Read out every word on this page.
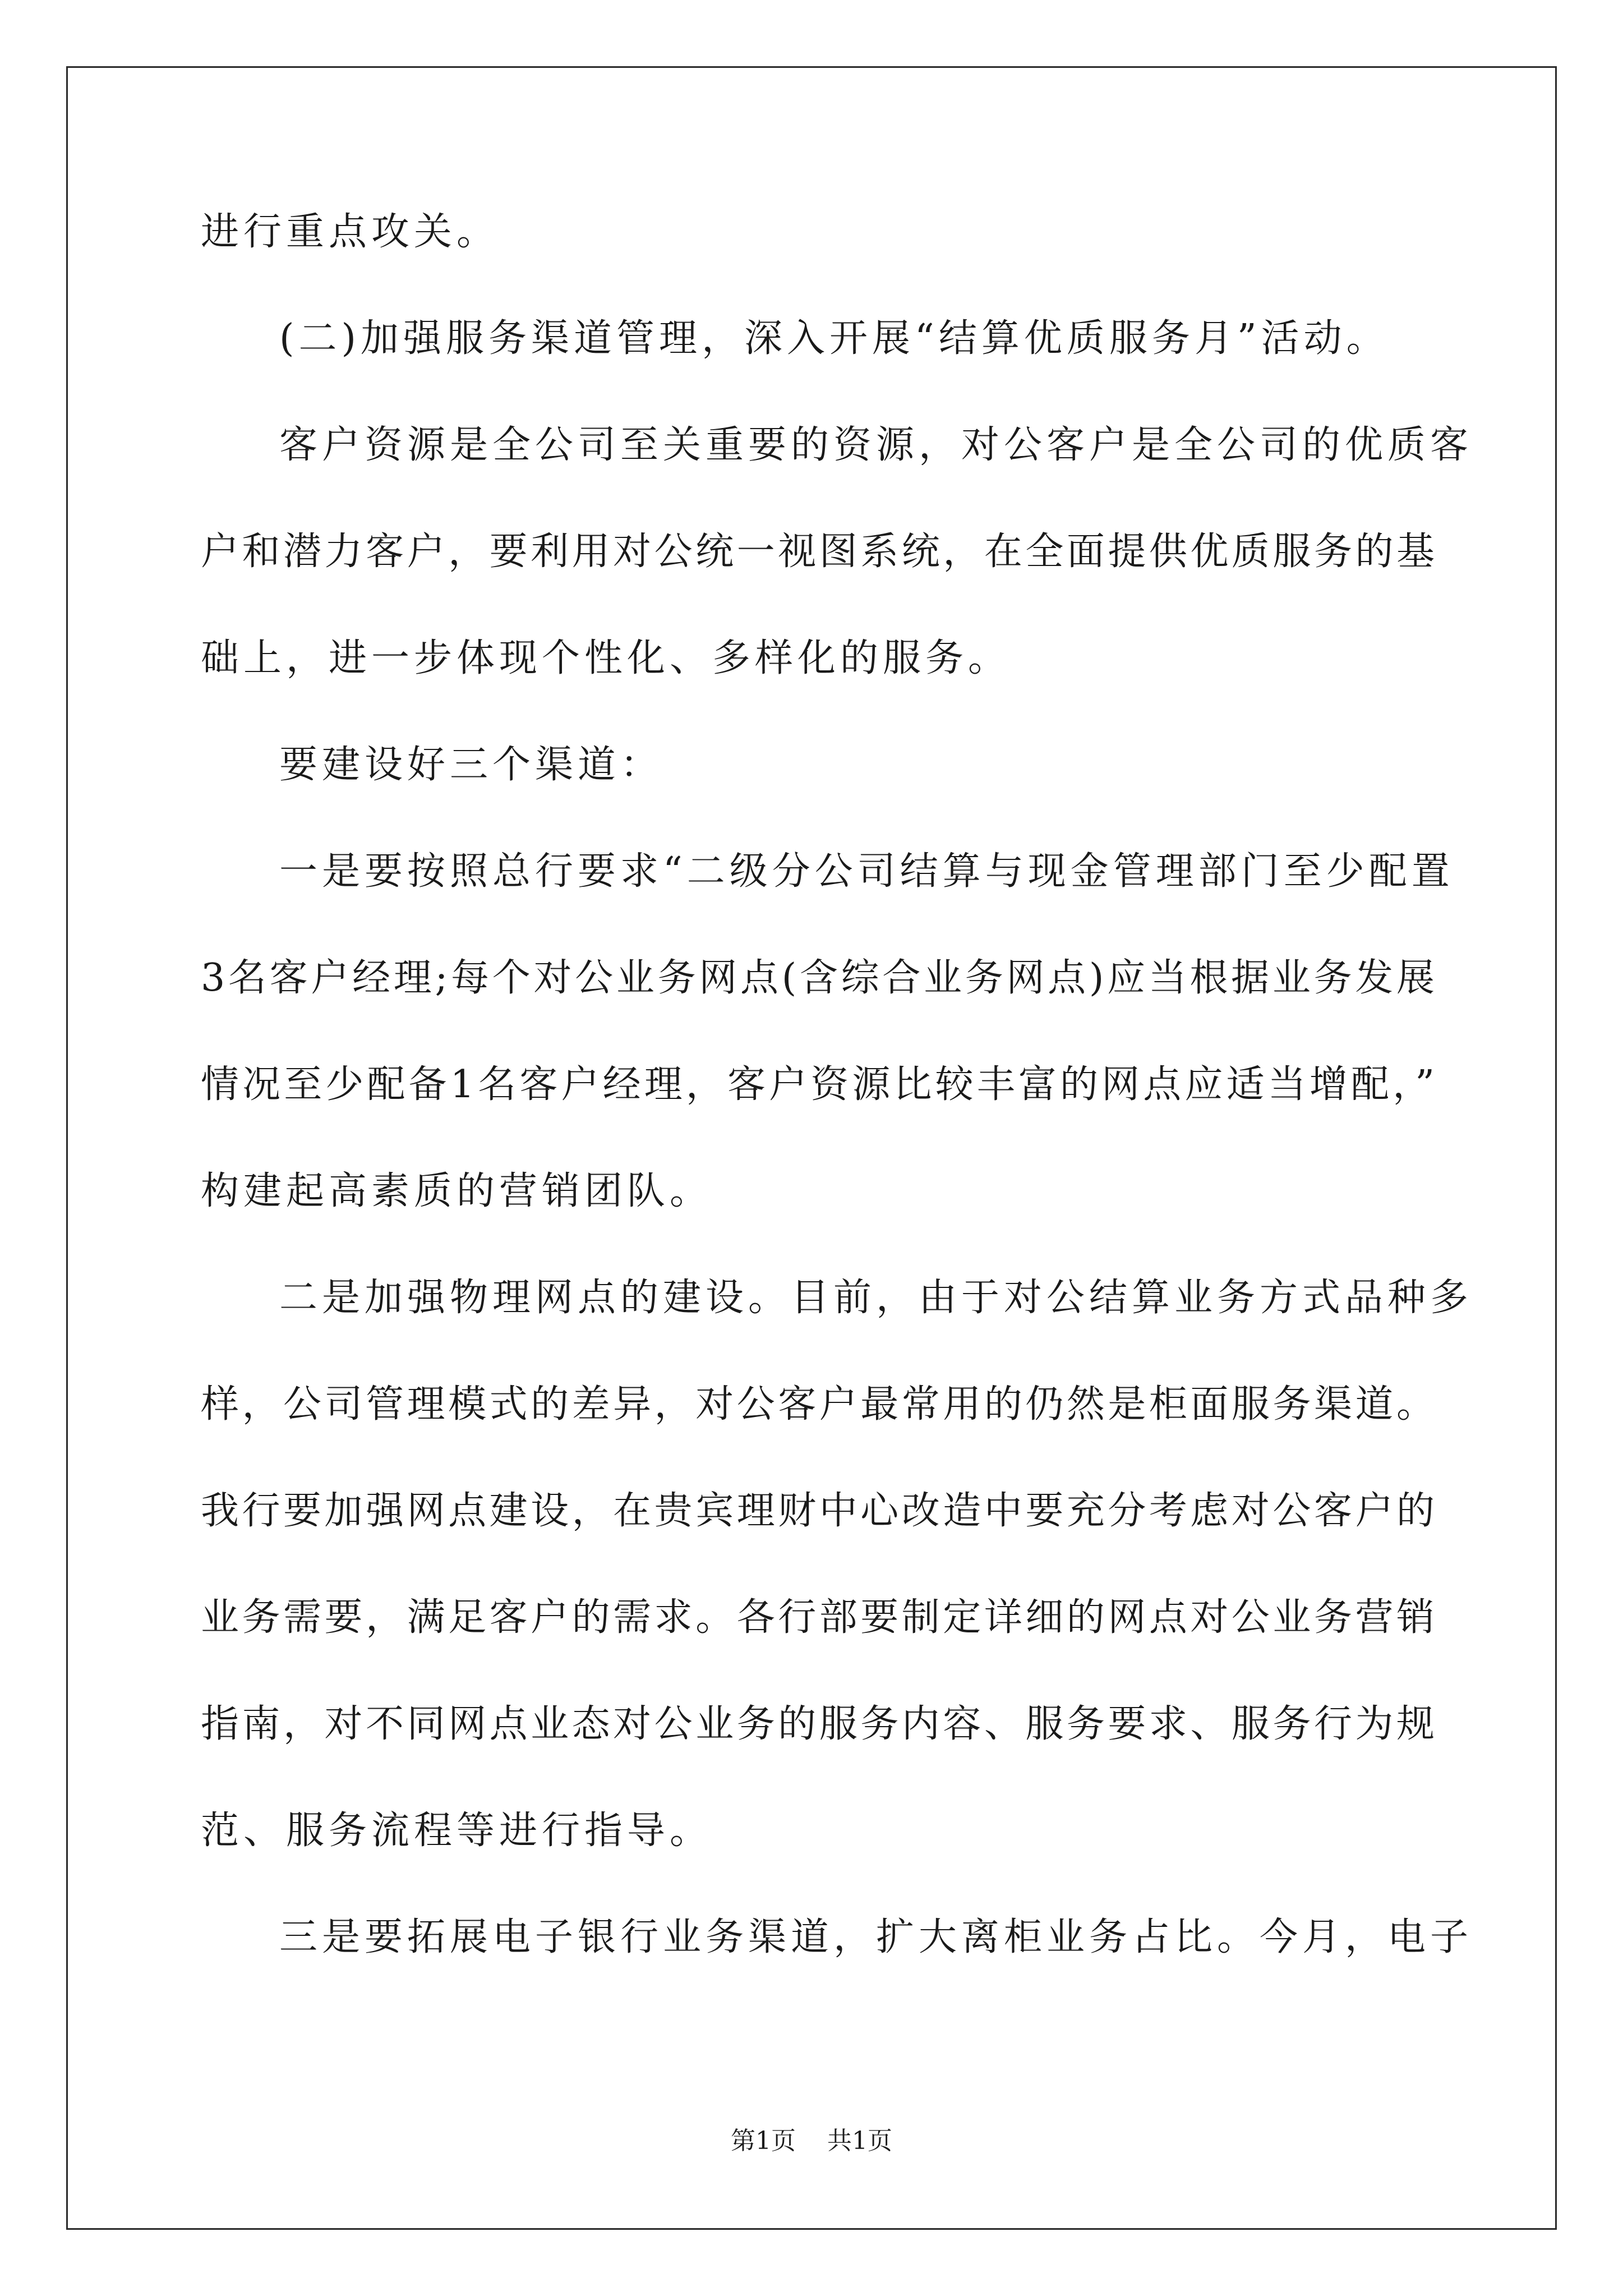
进行重点攻关。
(二)加强服务渠道管理，深入开展“结算优质服务月”活动。
客户资源是全公司至关重要的资源，对公客户是全公司的优质客
户和潜力客户，要利用对公统一视图系统，在全面提供优质服务的基
础上，进一步体现个性化、多样化的服务。
要建设好三个渠道：
一是要按照总行要求“二级分公司结算与现金管理部门至少配置
3名客户经理;每个对公业务网点(含综合业务网点)应当根据业务发展
情况至少配备1名客户经理，客户资源比较丰富的网点应适当增配，”
构建起高素质的营销团队。
二是加强物理网点的建设。目前，由于对公结算业务方式品种多
样，公司管理模式的差异，对公客户最常用的仍然是柜面服务渠道。
我行要加强网点建设，在贵宾理财中心改造中要充分考虑对公客户的
业务需要，满足客户的需求。各行部要制定详细的网点对公业务营销
指南，对不同网点业态对公业务的服务内容、服务要求、服务行为规
范、服务流程等进行指导。
三是要拓展电子银行业务渠道，扩大离柜业务占比。今月，电子
第1页 共1页
